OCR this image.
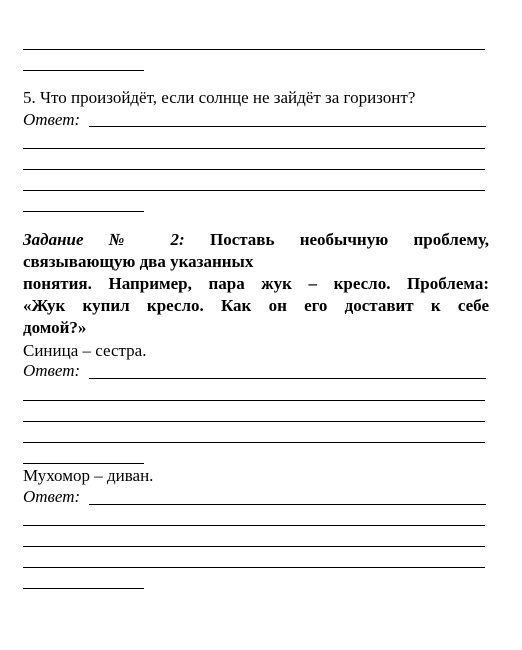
5. Что произойдёт, если солнце не зайдёт за горизонт?
Ответ:
Задание № 2: Поставь необычную проблему,
связывающую два указанных
понятия. Например, пара жук – кресло. Проблема:
«Жук купил кресло. Как он его доставит к себе
домой?»
Синица – сестра.
Ответ:
Мухомор – диван.
Ответ:
